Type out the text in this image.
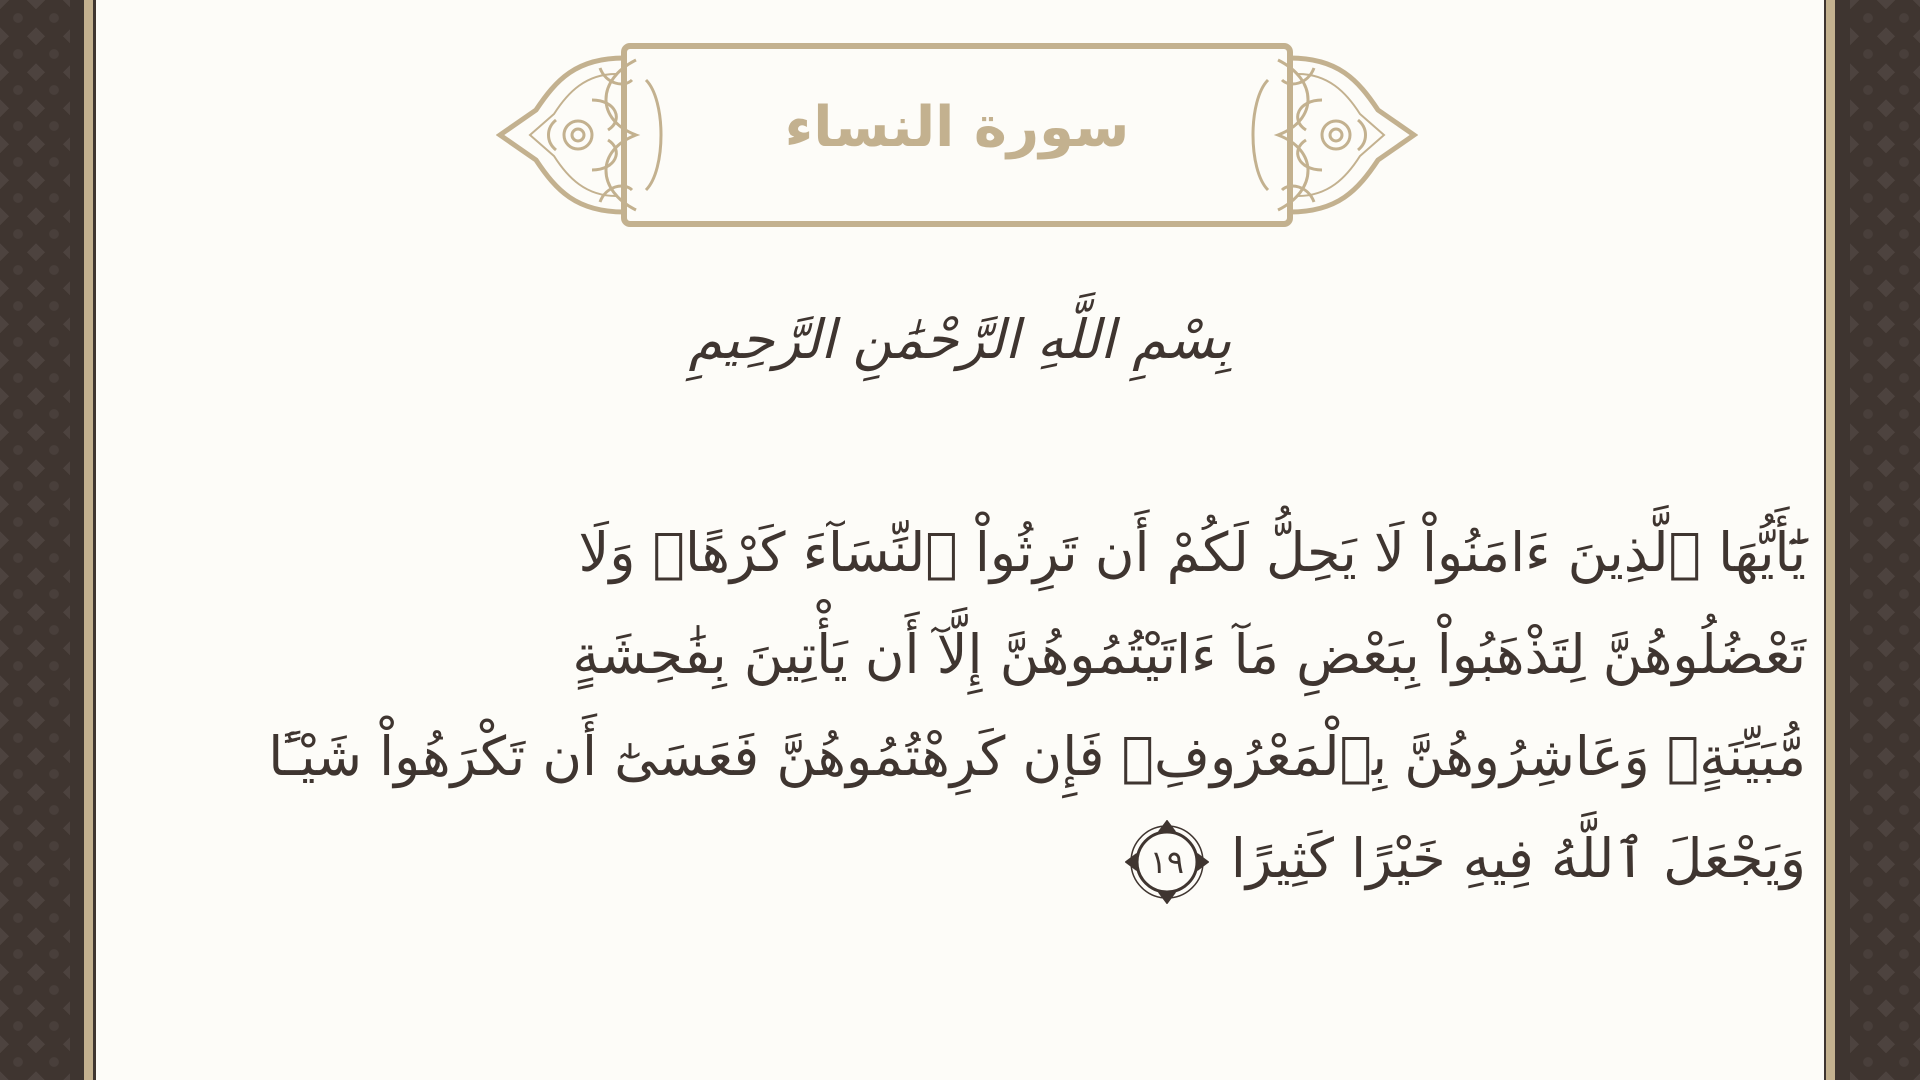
سورة النساء
بِسْمِ اللَّهِ الرَّحْمَٰنِ الرَّحِيمِ
يَٰٓأَيُّهَا ٱلَّذِينَ ءَامَنُواْ لَا يَحِلُّ لَكُمْ أَن تَرِثُواْ ٱلنِّسَآءَ كَرْهًاۖ وَلَا
تَعْضُلُوهُنَّ لِتَذْهَبُواْ بِبَعْضِ مَآ ءَاتَيْتُمُوهُنَّ إِلَّآ أَن يَأْتِينَ بِفَٰحِشَةٍ
مُّبَيِّنَةٍۚ وَعَاشِرُوهُنَّ بِٱلْمَعْرُوفِۚ فَإِن كَرِهْتُمُوهُنَّ فَعَسَىٰٓ أَن تَكْرَهُواْ شَيْـًٔا
وَيَجْعَلَ ٱللَّهُ فِيهِ خَيْرًا كَثِيرًا
١٩
